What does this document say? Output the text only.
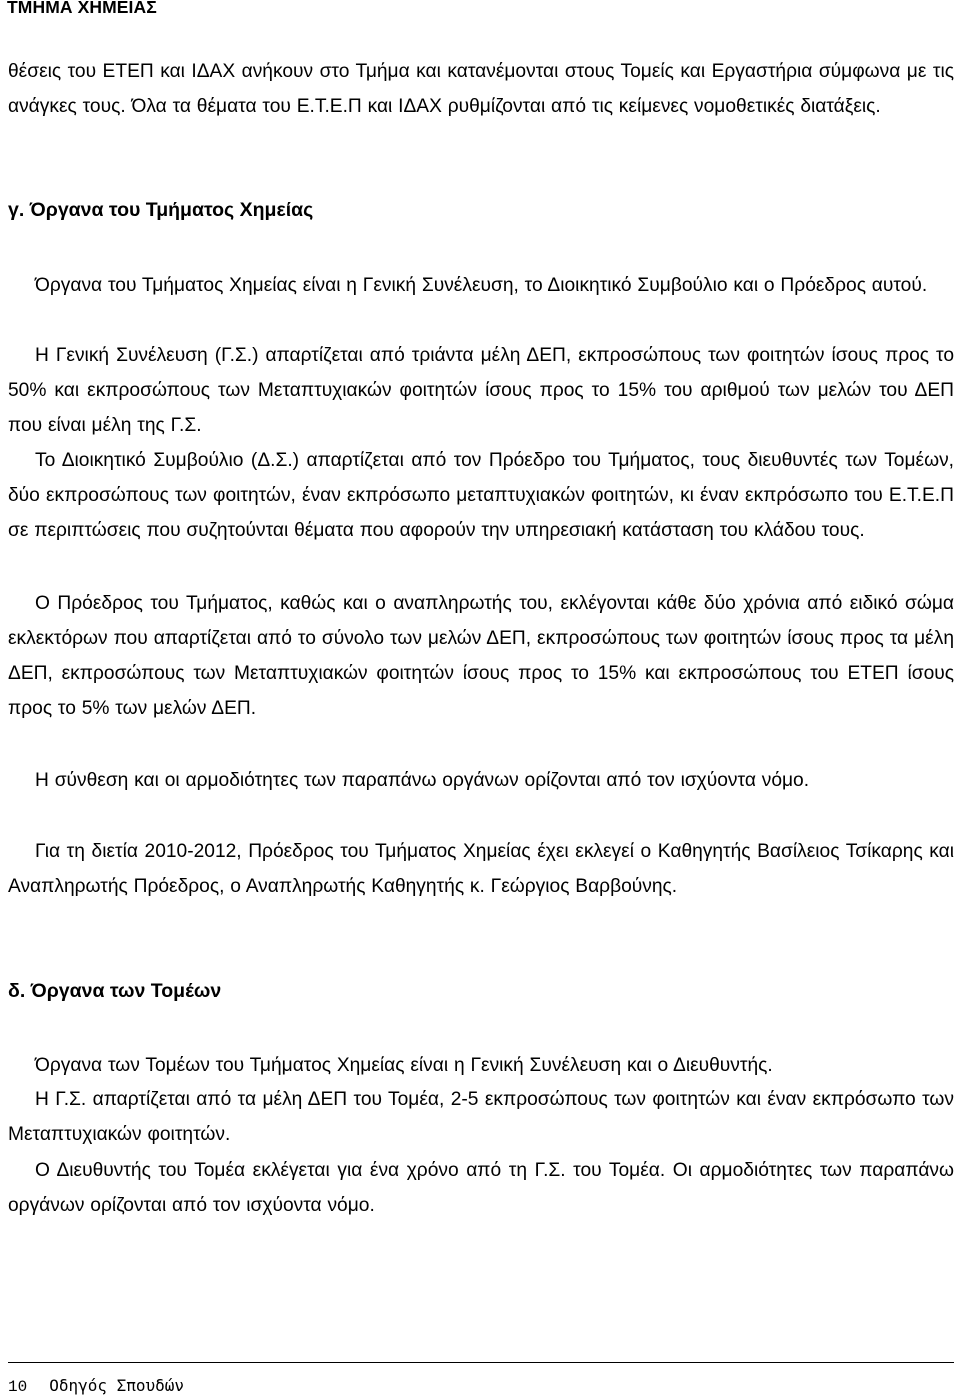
ΤΜΗΜΑ ΧΗΜΕΙΑΣ
θέσεις του ΕΤΕΠ και ΙΔΑΧ ανήκουν στο Τμήμα και κατανέμονται στους Τομείς και Εργαστήρια σύμφωνα με τις ανάγκες τους. Όλα τα θέματα του Ε.Τ.Ε.Π και ΙΔΑΧ ρυθμίζονται από τις κείμενες νομοθετικές διατάξεις.
γ. Όργανα του Τμήματος Χημείας
Όργανα του Τμήματος Χημείας είναι η Γενική Συνέλευση, το Διοικητικό Συμβούλιο και ο Πρόεδρος αυτού.
Η Γενική Συνέλευση (Γ.Σ.) απαρτίζεται από τριάντα μέλη ΔΕΠ, εκπροσώπους των φοιτητών ίσους προς το 50% και εκπροσώπους των Μεταπτυχιακών φοιτητών ίσους προς το 15% του αριθμού των μελών του ΔΕΠ που είναι μέλη της Γ.Σ.
Το Διοικητικό Συμβούλιο (Δ.Σ.) απαρτίζεται από τον Πρόεδρο του Τμήματος, τους διευθυντές των Τομέων, δύο εκπροσώπους των φοιτητών, έναν εκπρόσωπο μεταπτυχιακών φοιτητών, κι έναν εκπρόσωπο του Ε.Τ.Ε.Π σε περιπτώσεις που συζητούνται θέματα που αφορούν την υπηρεσιακή κατάσταση του κλάδου τους.
Ο Πρόεδρος του Τμήματος, καθώς και ο αναπληρωτής του, εκλέγονται κάθε δύο χρόνια από ειδικό σώμα εκλεκτόρων που απαρτίζεται από το σύνολο των μελών ΔΕΠ, εκπροσώπους των φοιτητών ίσους προς τα μέλη ΔΕΠ, εκπροσώπους των Μεταπτυχιακών φοιτητών ίσους προς το 15% και εκπροσώπους του ΕΤΕΠ ίσους προς το 5% των μελών ΔΕΠ.
Η σύνθεση και οι αρμοδιότητες των παραπάνω οργάνων ορίζονται από τον ισχύοντα νόμο.
Για τη διετία 2010-2012, Πρόεδρος του Τμήματος Χημείας έχει εκλεγεί ο Καθηγητής Βασίλειος Τσίκαρης και Αναπληρωτής Πρόεδρος, ο Αναπληρωτής Καθηγητής κ. Γεώργιος Βαρβούνης.
δ. Όργανα των Τομέων
Όργανα των Τομέων του Τμήματος Χημείας είναι η Γενική Συνέλευση και ο Διευθυντής.
Η Γ.Σ. απαρτίζεται από τα μέλη ΔΕΠ του Τομέα, 2-5 εκπροσώπους των φοιτητών και έναν εκπρόσωπο των Μεταπτυχιακών φοιτητών.
Ο Διευθυντής του Τομέα εκλέγεται για ένα χρόνο από τη Γ.Σ. του Τομέα. Οι αρμοδιότητες των παραπάνω οργάνων ορίζονται από τον ισχύοντα νόμο.
10 Οδηγός Σπουδών
